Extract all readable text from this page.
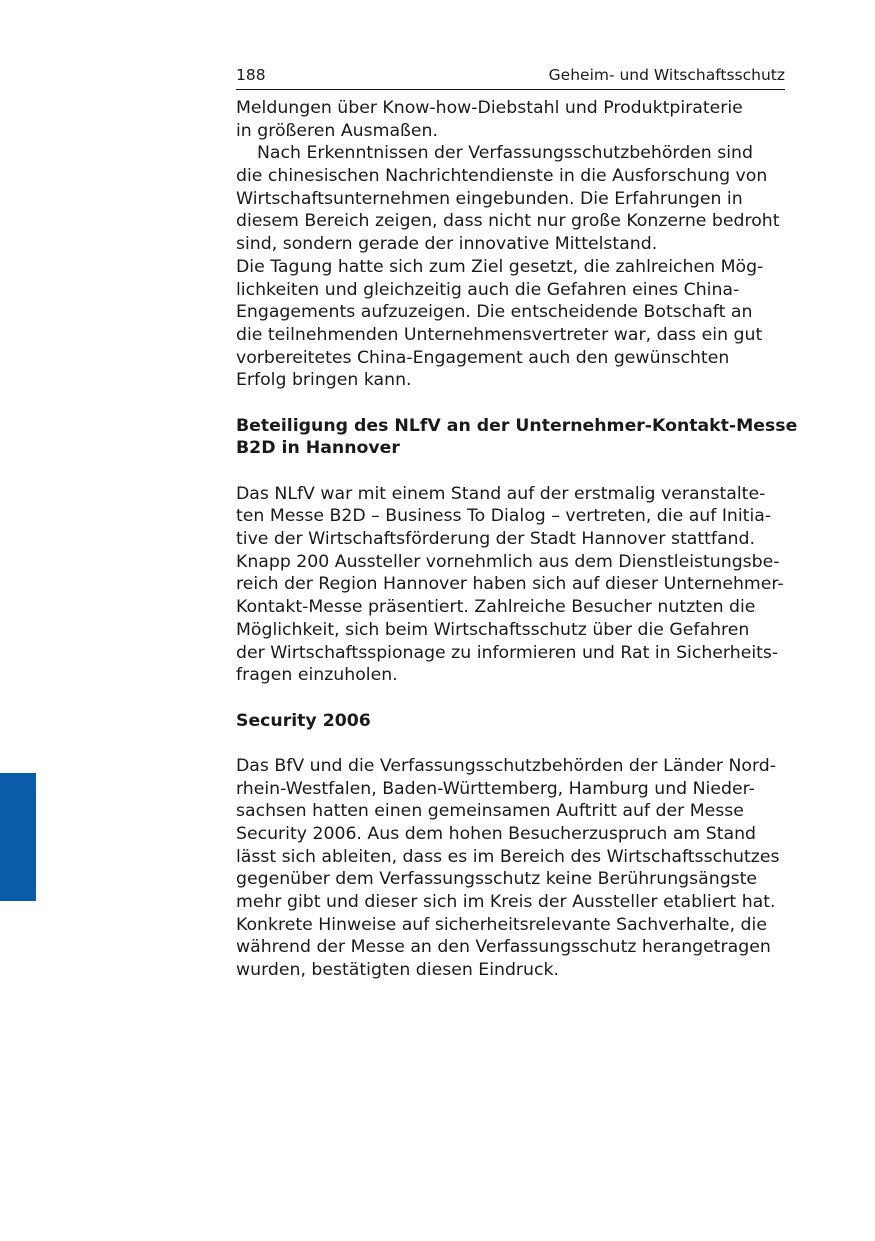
188	Geheim- und Witschaftsschutz
Meldungen über Know-how-Diebstahl und Produktpiraterie
in größeren Ausmaßen.
Nach Erkenntnissen der Verfassungsschutzbehörden sind
die chinesischen Nachrichtendienste in die Ausforschung von
Wirtschaftsunternehmen eingebunden. Die Erfahrungen in
diesem Bereich zeigen, dass nicht nur große Konzerne bedroht
sind, sondern gerade der innovative Mittelstand.
Die Tagung hatte sich zum Ziel gesetzt, die zahlreichen Mög-
lichkeiten und gleichzeitig auch die Gefahren eines China-
Engagements aufzuzeigen. Die entscheidende Botschaft an
die teilnehmenden Unternehmensvertreter war, dass ein gut
vorbereitetes China-Engagement auch den gewünschten
Erfolg bringen kann.
Beteiligung des NLfV an der Unternehmer-Kontakt-Messe
B2D in Hannover
Das NLfV war mit einem Stand auf der erstmalig veranstalte-
ten Messe B2D – Business To Dialog – vertreten, die auf Initia-
tive der Wirtschaftsförderung der Stadt Hannover stattfand.
Knapp 200 Aussteller vornehmlich aus dem Dienstleistungsbe-
reich der Region Hannover haben sich auf dieser Unternehmer-
Kontakt-Messe präsentiert. Zahlreiche Besucher nutzten die
Möglichkeit, sich beim Wirtschaftsschutz über die Gefahren
der Wirtschaftsspionage zu informieren und Rat in Sicherheits-
fragen einzuholen.
Security 2006
Das BfV und die Verfassungsschutzbehörden der Länder Nord-
rhein-Westfalen, Baden-Württemberg, Hamburg und Nieder-
sachsen hatten einen gemeinsamen Auftritt auf der Messe
Security 2006. Aus dem hohen Besucherzuspruch am Stand
lässt sich ableiten, dass es im Bereich des Wirtschaftsschutzes
gegenüber dem Verfassungsschutz keine Berührungsängste
mehr gibt und dieser sich im Kreis der Aussteller etabliert hat.
Konkrete Hinweise auf sicherheitsrelevante Sachverhalte, die
während der Messe an den Verfassungsschutz herangetragen
wurden, bestätigten diesen Eindruck.
